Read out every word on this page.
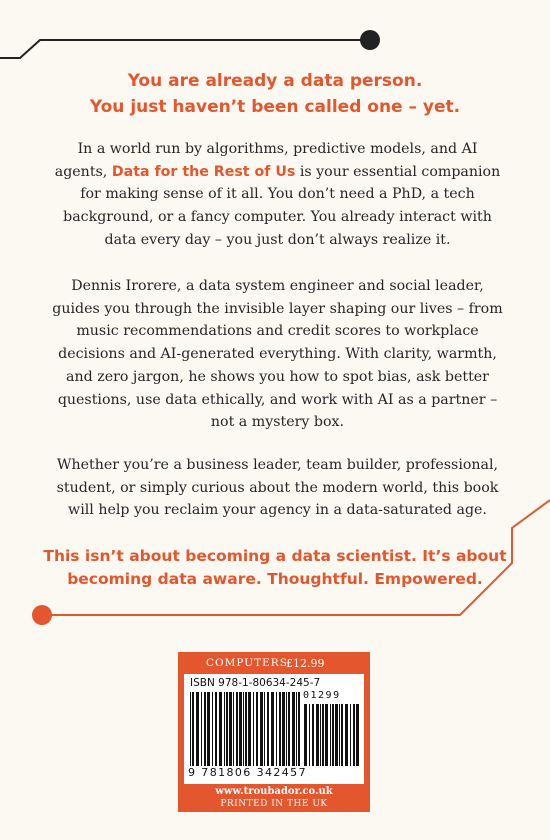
You are already a data person.
You just haven’t been called one – yet.

In a world run by algorithms, predictive models, and AI agents, Data for the Rest of Us is your essential companion for making sense of it all. You don’t need a PhD, a tech background, or a fancy computer. You already interact with data every day – you just don’t always realize it.

Dennis Irorere, a data system engineer and social leader, guides you through the invisible layer shaping our lives – from music recommendations and credit scores to workplace decisions and AI-generated everything. With clarity, warmth, and zero jargon, he shows you how to spot bias, ask better questions, use data ethically, and work with AI as a partner – not a mystery box.

Whether you’re a business leader, team builder, professional, student, or simply curious about the modern world, this book will help you reclaim your agency in a data-saturated age.

This isn’t about becoming a data scientist. It’s about
becoming data aware. Thoughtful. Empowered.
COMPUTERS
£12.99
ISBN 978-1-80634-245-7
01299
9 781806 342457
www.troubador.co.uk
PRINTED IN THE UK
